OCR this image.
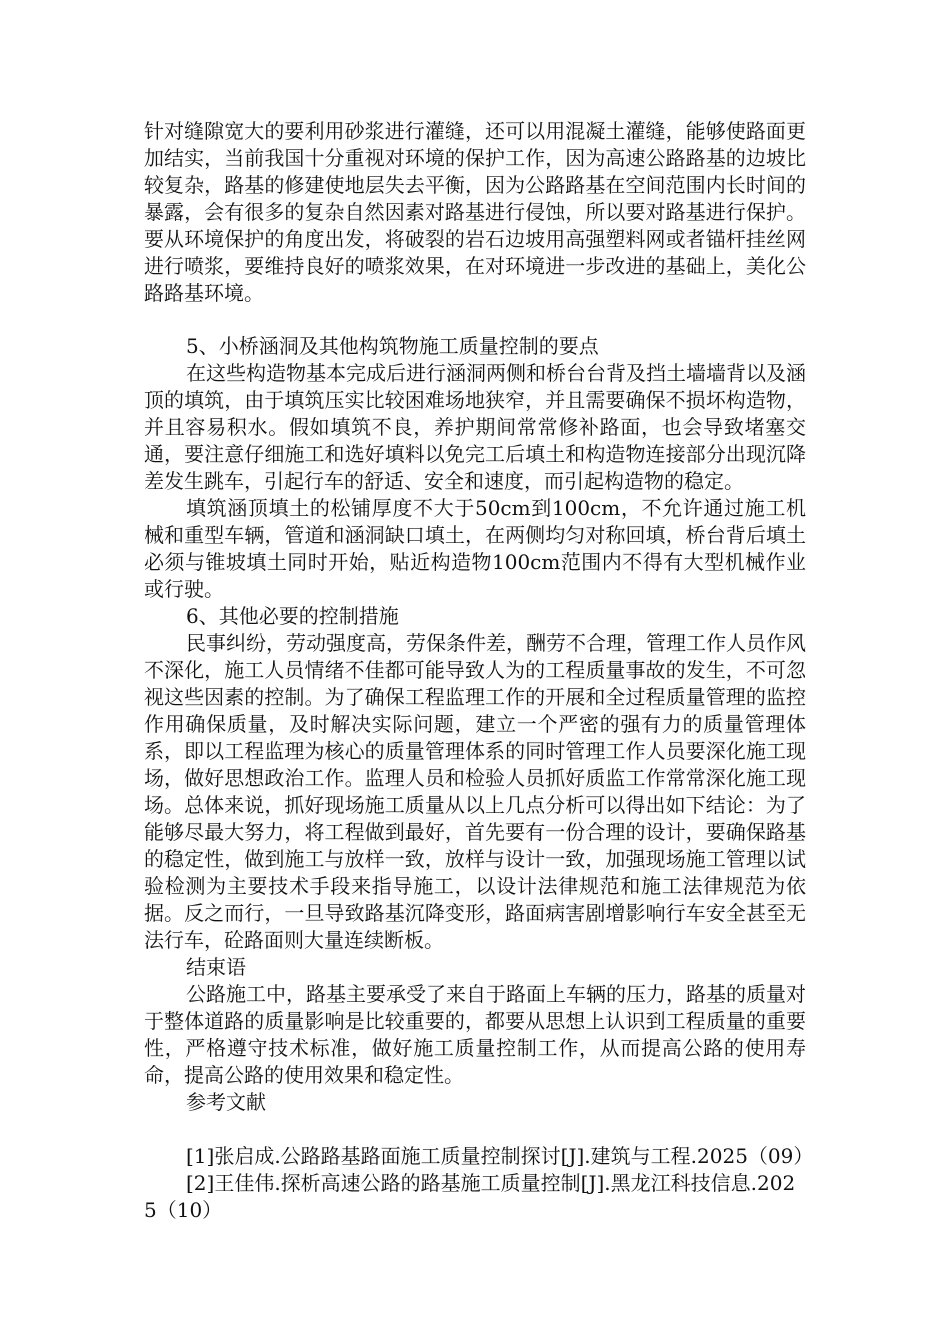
针对缝隙宽大的要利用砂浆进行灌缝，还可以用混凝土灌缝，能够使路面更加结实，当前我国十分重视对环境的保护工作，因为高速公路路基的边坡比较复杂，路基的修建使地层失去平衡，因为公路路基在空间范围内长时间的暴露，会有很多的复杂自然因素对路基进行侵蚀，所以要对路基进行保护。要从环境保护的角度出发，将破裂的岩石边坡用高强塑料网或者锚杆挂丝网进行喷浆，要维持良好的喷浆效果，在对环境进一步改进的基础上，美化公路路基环境。

5、小桥涵洞及其他构筑物施工质量控制的要点

在这些构造物基本完成后进行涵洞两侧和桥台台背及挡土墙墙背以及涵顶的填筑，由于填筑压实比较困难场地狭窄，并且需要确保不损坏构造物，并且容易积水。假如填筑不良，养护期间常常修补路面，也会导致堵塞交通，要注意仔细施工和选好填料以免完工后填土和构造物连接部分出现沉降差发生跳车，引起行车的舒适、安全和速度，而引起构造物的稳定。

填筑涵顶填土的松铺厚度不大于50cm到100cm，不允许通过施工机械和重型车辆，管道和涵洞缺口填土，在两侧均匀对称回填，桥台背后填土必须与锥坡填土同时开始，贴近构造物100cm范围内不得有大型机械作业或行驶。

6、其他必要的控制措施

民事纠纷，劳动强度高，劳保条件差，酬劳不合理，管理工作人员作风不深化，施工人员情绪不佳都可能导致人为的工程质量事故的发生，不可忽视这些因素的控制。为了确保工程监理工作的开展和全过程质量管理的监控作用确保质量，及时解决实际问题，建立一个严密的强有力的质量管理体系，即以工程监理为核心的质量管理体系的同时管理工作人员要深化施工现场，做好思想政治工作。监理人员和检验人员抓好质监工作常常深化施工现场。总体来说，抓好现场施工质量从以上几点分析可以得出如下结论：为了能够尽最大努力，将工程做到最好，首先要有一份合理的设计，要确保路基的稳定性，做到施工与放样一致，放样与设计一致，加强现场施工管理以试验检测为主要技术手段来指导施工，以设计法律规范和施工法律规范为依据。反之而行，一旦导致路基沉降变形，路面病害剧增影响行车安全甚至无法行车，砼路面则大量连续断板。

结束语

公路施工中，路基主要承受了来自于路面上车辆的压力，路基的质量对于整体道路的质量影响是比较重要的，都要从思想上认识到工程质量的重要性，严格遵守技术标准，做好施工质量控制工作，从而提高公路的使用寿命，提高公路的使用效果和稳定性。

参考文献

[1]张启成.公路路基路面施工质量控制探讨[J].建筑与工程.2025（09）

[2]王佳伟.探析高速公路的路基施工质量控制[J].黑龙江科技信息.2025（10）
